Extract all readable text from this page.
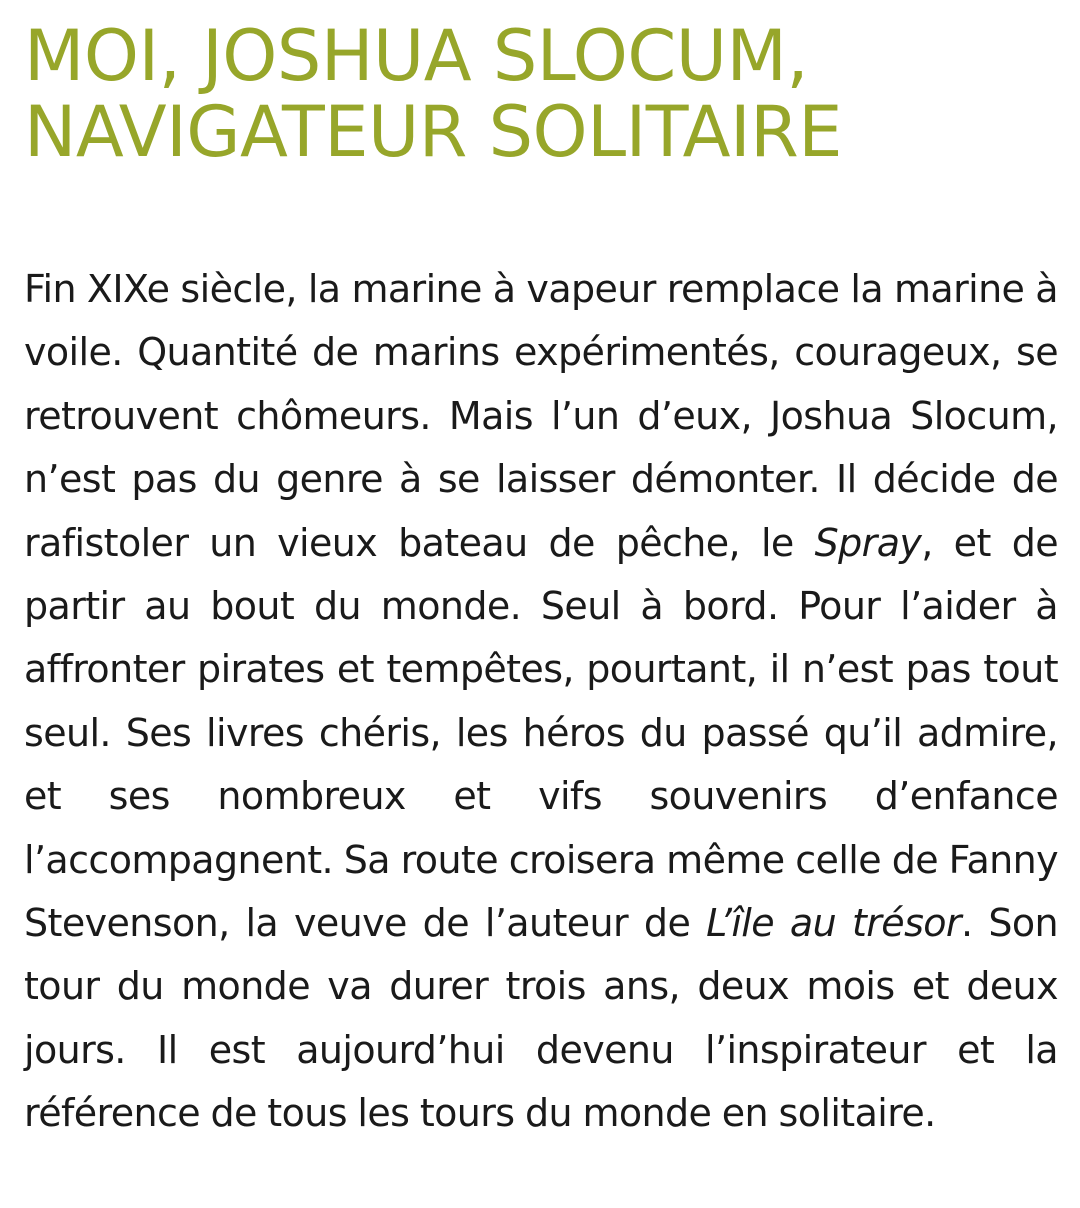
MOI, JOSHUA SLOCUM,
NAVIGATEUR SOLITAIRE

Fin XIXe siècle, la marine à vapeur remplace la marine à voile. Quantité de marins expérimentés, courageux, se retrouvent chômeurs. Mais l’un d’eux, Joshua Slocum, n’est pas du genre à se laisser démonter. Il décide de rafistoler un vieux bateau de pêche, le Spray, et de partir au bout du monde. Seul à bord. Pour l’aider à affronter pirates et tempêtes, pourtant, il n’est pas tout seul. Ses livres chéris, les héros du passé qu’il admire, et ses nombreux et vifs souvenirs d’enfance l’accompagnent. Sa route croisera même celle de Fanny Stevenson, la veuve de l’auteur de L’île au trésor. Son tour du monde va durer trois ans, deux mois et deux jours. Il est aujourd’hui devenu l’inspirateur et la référence de tous les tours du monde en solitaire.
